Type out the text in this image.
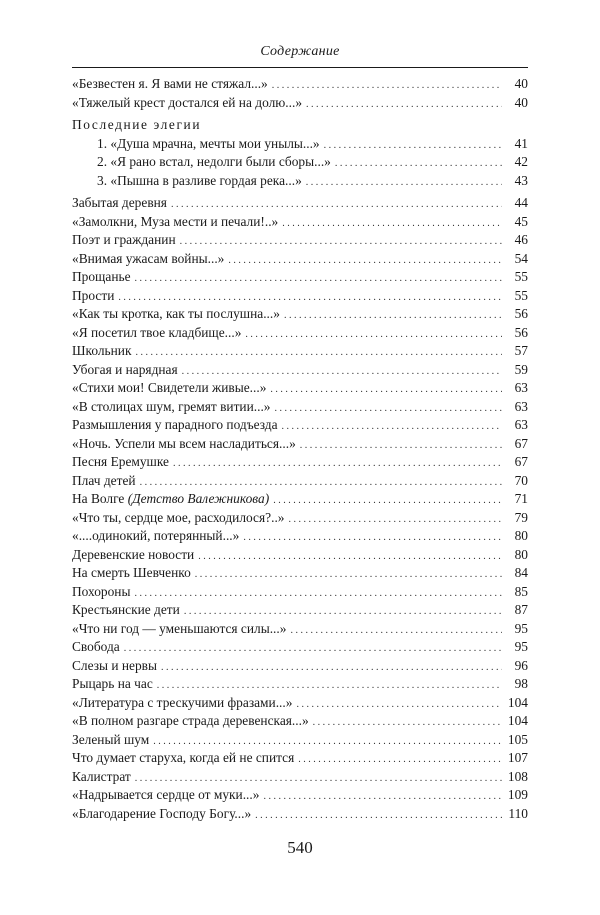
Содержание
«Безвестен я. Я вами не стяжал...» . . .	40
«Тяжелый крест достался ей на долю...» . . .	40
Последние элегии
1. «Душа мрачна, мечты мои унылы...» . . .	41
2. «Я рано встал, недолги были сборы...» . . .	42
3. «Пышна в разливе гордая река...» . . .	43
Забытая деревня . . .	44
«Замолкни, Муза мести и печали!..» . . .	45
Поэт и гражданин . . .	46
«Внимая ужасам войны...» . . .	54
Прощанье . . .	55
Прости . . .	55
«Как ты кротка, как ты послушна...» . . .	56
«Я посетил твое кладбище...» . . .	56
Школьник . . .	57
Убогая и нарядная . . .	59
«Стихи мои! Свидетели живые...» . . .	63
«В столицах шум, гремят витии...» . . .	63
Размышления у парадного подъезда . . .	63
«Ночь. Успели мы всем насладиться...» . . .	67
Песня Еремушке . . .	67
Плач детей . . .	70
На Волге (Детство Валежникова) . . .	71
«Что ты, сердце мое, расходилося?..» . . .	79
«....одинокий, потерянный...» . . .	80
Деревенские новости . . .	80
На смерть Шевченко . . .	84
Похороны . . .	85
Крестьянские дети . . .	87
«Что ни год — уменьшаются силы...» . . .	95
Свобода . . .	95
Слезы и нервы . . .	96
Рыцарь на час . . .	98
«Литература с трескучими фразами...» . . .	104
«В полном разгаре страда деревенская...» . . .	104
Зеленый шум . . .	105
Что думает старуха, когда ей не спится . . .	107
Калистрат . . .	108
«Надрывается сердце от муки...» . . .	109
«Благодарение Господу Богу...» . . .	110
540
